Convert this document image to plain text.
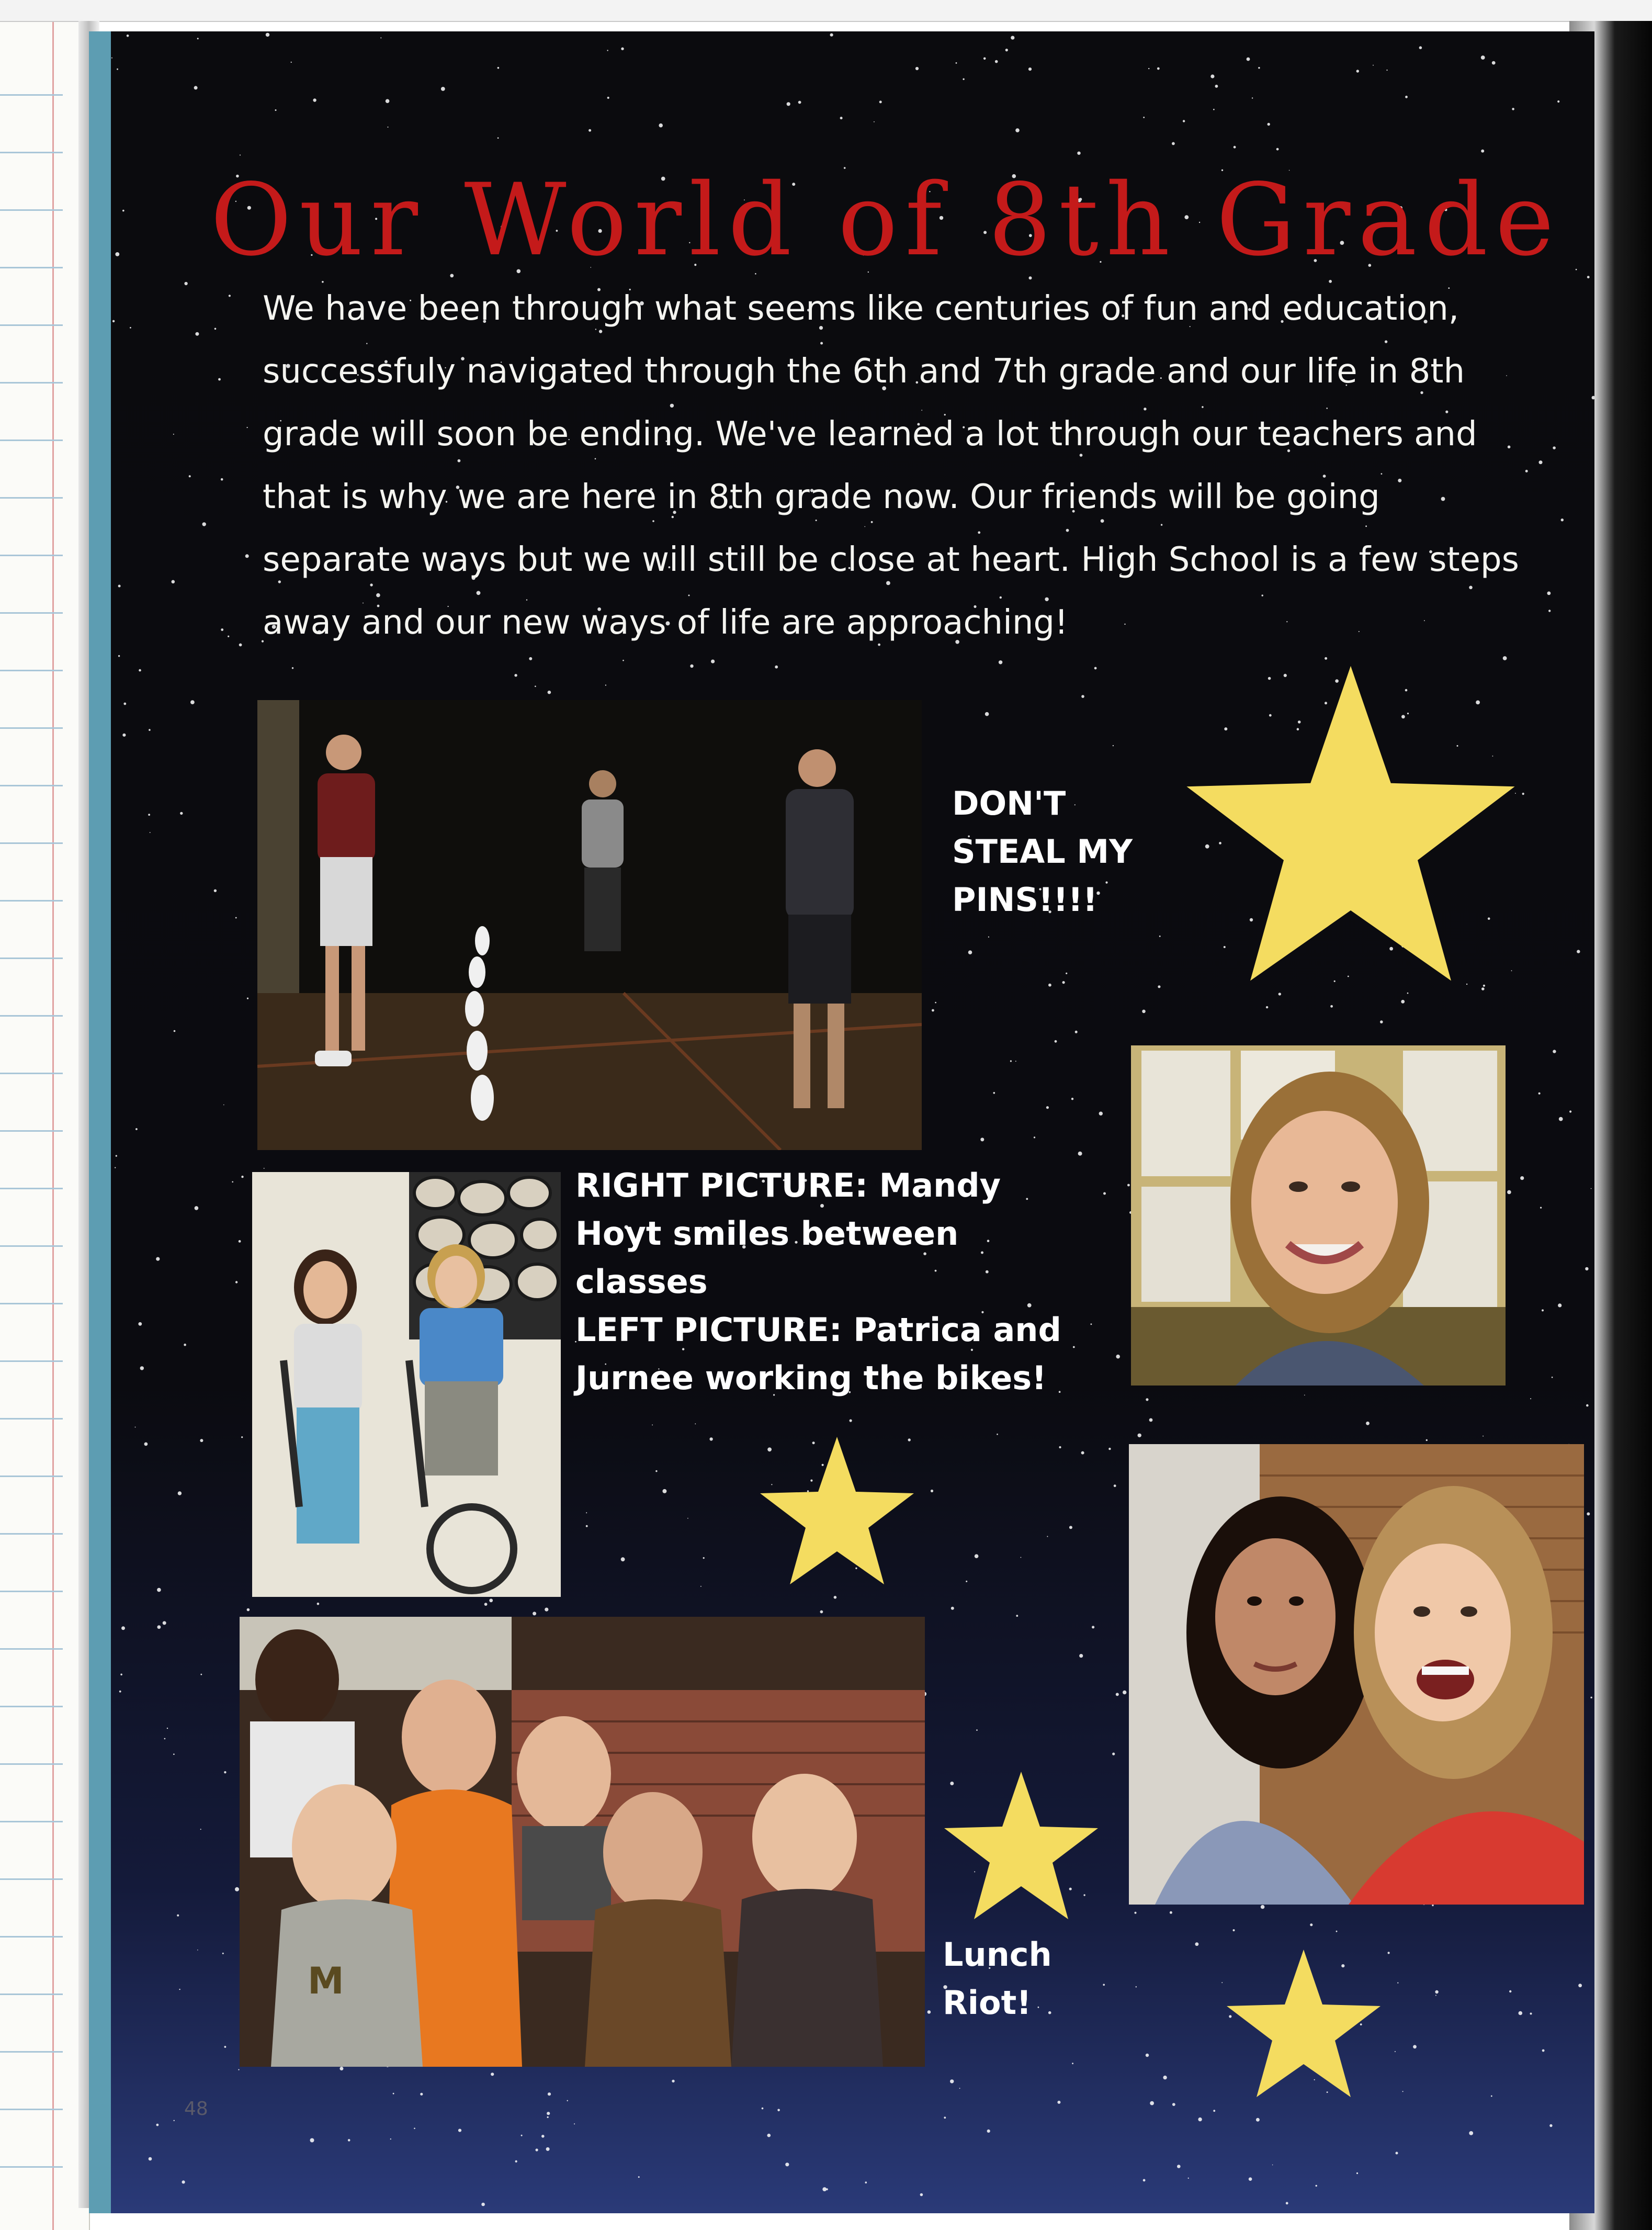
Our World of 8th Grade

We have been through what seems like centuries of fun and education, successfuly navigated through the 6th and 7th grade and our life in 8th grade will soon be ending. We've learned a lot through our teachers and that is why we are here in 8th grade now. Our friends will be going separate ways but we will still be close at heart. High School is a few steps away and our new ways of life are approaching!

M
DON'T
STEAL MY
PINS!!!!
RIGHT PICTURE: Mandy
Hoyt smiles between
classes
LEFT PICTURE: Patrica and
Jurnee working the bikes!
Lunch
Riot!
48
